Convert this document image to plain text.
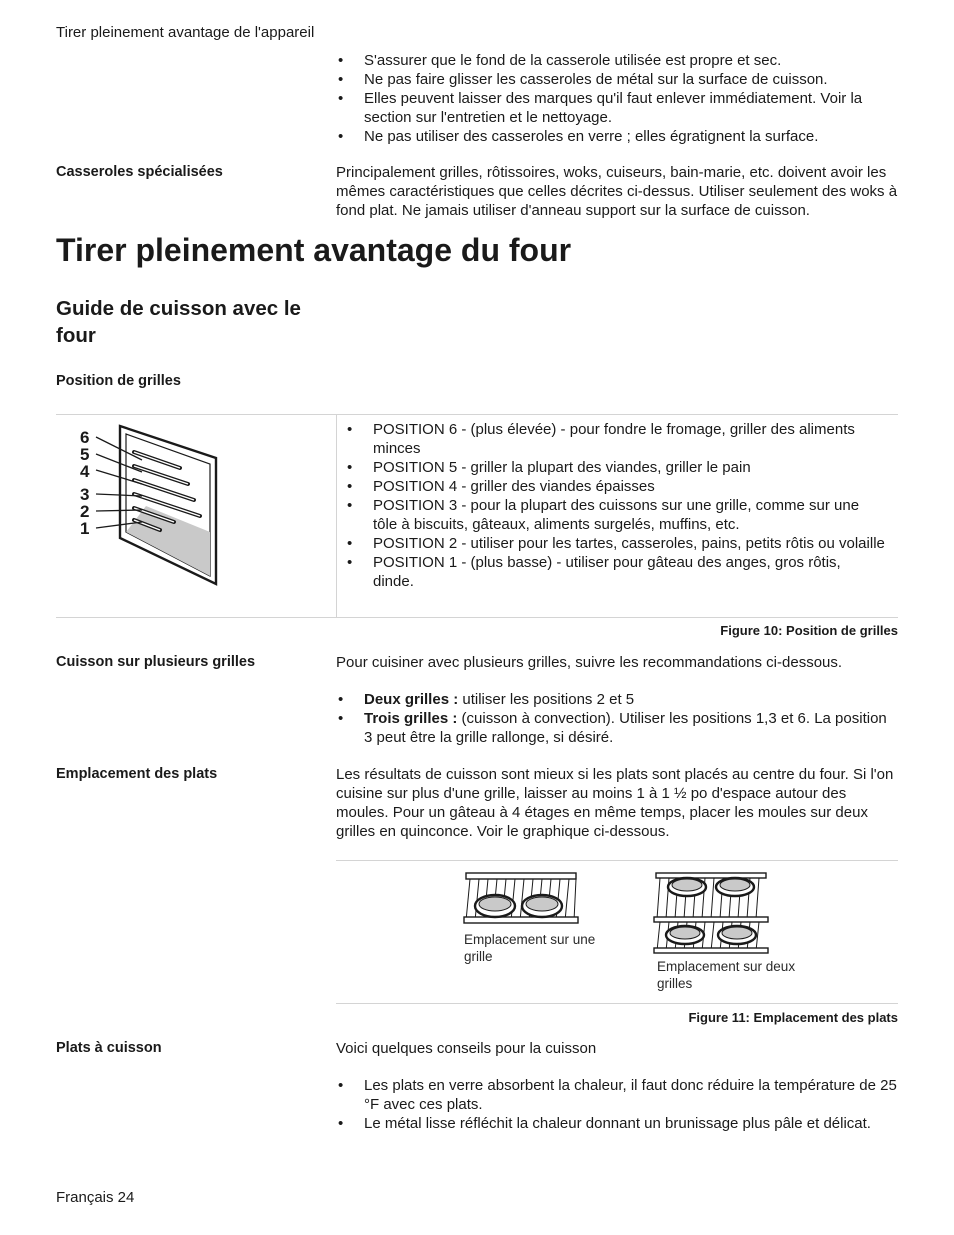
Tirer pleinement avantage de l'appareil
• S'assurer que le fond de la casserole utilisée est propre et sec.
• Ne pas faire glisser les casseroles de métal sur la surface de cuisson.
• Elles peuvent laisser des marques qu'il faut enlever immédiatement. Voir la section sur l'entretien et le nettoyage.
• Ne pas utiliser des casseroles en verre ; elles égratignent la surface.
Casseroles spécialisées	Principalement grilles, rôtissoires, woks, cuiseurs, bain-marie, etc. doivent avoir les mêmes caractéristiques que celles décrites ci-dessus. Utiliser seulement des woks à fond plat. Ne jamais utiliser d'anneau support sur la surface de cuisson.
Tirer pleinement avantage du four
Guide de cuisson avec le four
Position de grilles
6
5
4
3
2
1
• POSITION 6 - (plus élevée) - pour fondre le fromage, griller des aliments minces
• POSITION 5 - griller la plupart des viandes, griller le pain
• POSITION 4 - griller des viandes épaisses
• POSITION 3 - pour la plupart des cuissons sur une grille, comme sur une tôle à biscuits, gâteaux, aliments surgelés, muffins, etc.
• POSITION 2 - utiliser pour les tartes, casseroles, pains, petits rôtis ou volaille
• POSITION 1 - (plus basse) - utiliser pour gâteau des anges, gros rôtis, dinde.
Figure 10: Position de grilles
Cuisson sur plusieurs grilles	Pour cuisiner avec plusieurs grilles, suivre les recommandations ci-dessous.

• Deux grilles : utiliser les positions 2 et 5
• Trois grilles : (cuisson à convection). Utiliser les positions 1,3 et 6. La position 3 peut être la grille rallonge, si désiré.
Emplacement des plats	Les résultats de cuisson sont mieux si les plats sont placés au centre du four. Si l'on cuisine sur plus d'une grille, laisser au moins 1 à 1 ½ po d'espace autour des moules. Pour un gâteau à 4 étages en même temps, placer les moules sur deux grilles en quinconce. Voir le graphique ci-dessous.
Emplacement sur une grille
Emplacement sur deux grilles
Figure 11: Emplacement des plats
Plats à cuisson	Voici quelques conseils pour la cuisson

• Les plats en verre absorbent la chaleur, il faut donc réduire la température de 25 °F avec ces plats.
• Le métal lisse réfléchit la chaleur donnant un brunissage plus pâle et délicat.
Français 24
